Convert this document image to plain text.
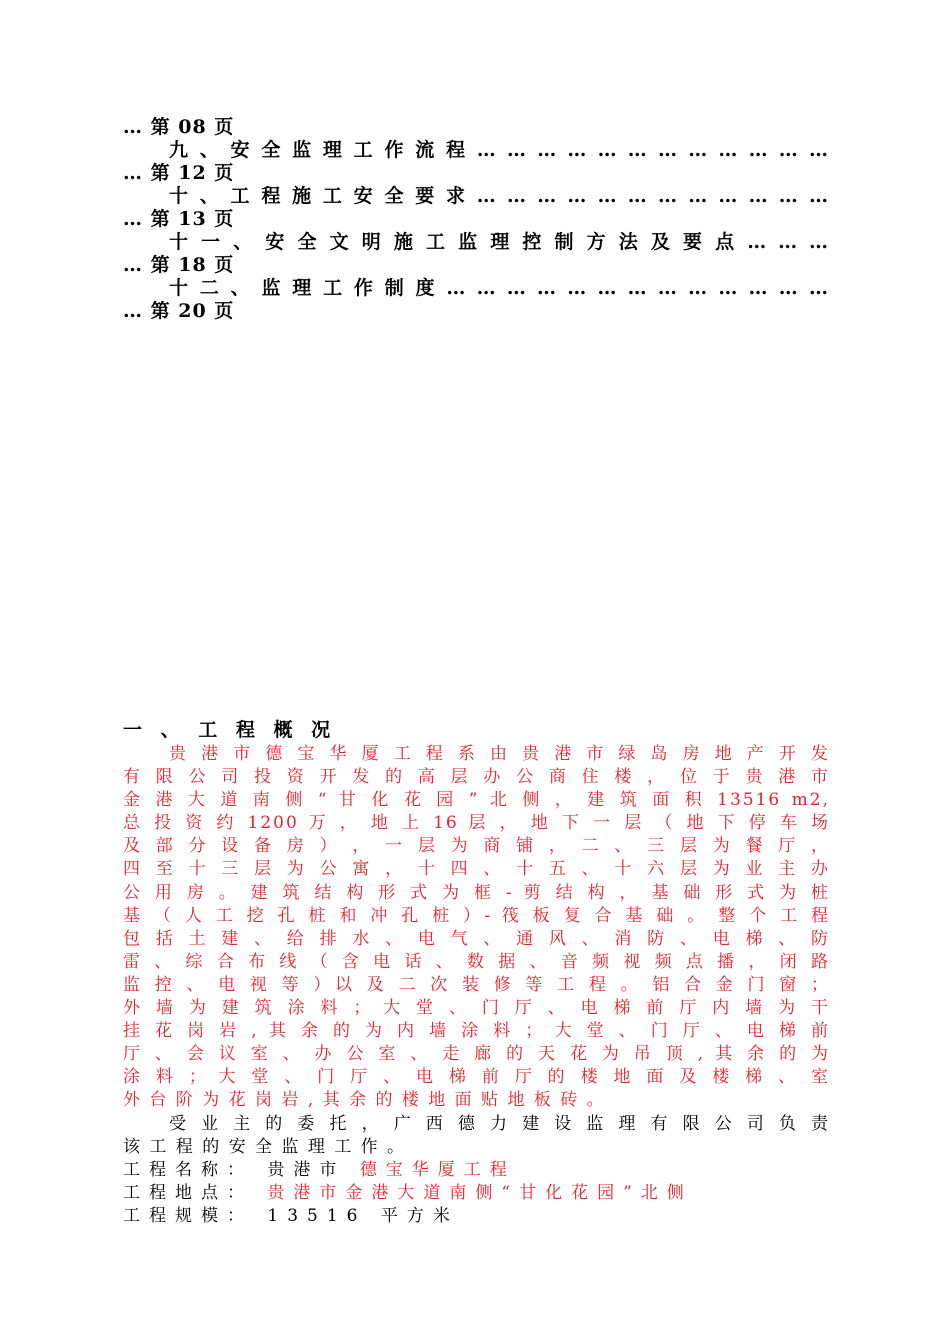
… 第 08 页
九 、 安 全 监 理 工 作 流 程 … … … … … … … … … … … …
… 第 12 页
十 、 工 程 施 工 安 全 要 求 … … … … … … … … … … … …
… 第 13 页
十 一 、 安 全 文 明 施 工 监 理 控 制 方 法 及 要 点 … … …
… 第 18 页
十 二 、 监 理 工 作 制 度 … … … … … … … … … … … … …
… 第 20 页
一 、 工 程 概 况
贵 港 市 德 宝 华 厦 工 程 系 由 贵 港 市 绿 岛 房 地 产 开 发
有 限 公 司 投 资 开 发 的 高 层 办 公 商 住 楼 ， 位 于 贵 港 市
金 港 大 道 南 侧 “ 甘 化 花 园 ” 北 侧 ， 建 筑 面 积 13516 m2,
总 投 资 约 1200 万 ， 地 上 16 层 ， 地 下 一 层 （ 地 下 停 车 场
及 部 分 设 备 房 ） ， 一 层 为 商 铺 ， 二 、 三 层 为 餐 厅 ，
四 至 十 三 层 为 公 寓 ， 十 四 、 十 五 、 十 六 层 为 业 主 办
公 用 房 。 建 筑 结 构 形 式 为 框 - 剪 结 构 ， 基 础 形 式 为 桩
基 （ 人 工 挖 孔 桩 和 冲 孔 桩 ）- 筏 板 复 合 基 础 。 整 个 工 程
包 括 土 建 、 给 排 水 、 电 气 、 通 风 、 消 防 、 电 梯 、 防
雷 、 综 合 布 线 （ 含 电 话 、 数 据 、 音 频 视 频 点 播 ， 闭 路
监 控 、 电 视 等 ）以 及 二 次 装 修 等 工 程 。 铝 合 金 门 窗 ；
外 墙 为 建 筑 涂 料 ； 大 堂 、 门 厅 、 电 梯 前 厅 内 墙 为 干
挂 花 岗 岩 , 其 余 的 为 内 墙 涂 料 ； 大 堂 、 门 厅 、 电 梯 前
厅 、 会 议 室 、 办 公 室 、 走 廊 的 天 花 为 吊 顶 , 其 余 的 为
涂 料 ； 大 堂 、 门 厅 、 电 梯 前 厅 的 楼 地 面 及 楼 梯 、 室
外 台 阶 为 花 岗 岩 , 其 余 的 楼 地 面 贴 地 板 砖 。
受 业 主 的 委 托 ， 广 西 德 力 建 设 监 理 有 限 公 司 负 责
该 工 程 的 安 全 监 理 工 作 。
工程名称： 贵港市 德宝华厦工程
工程地点： 贵港市金港大道南侧“甘化花园”北侧
工程规模： 13516 平方米
